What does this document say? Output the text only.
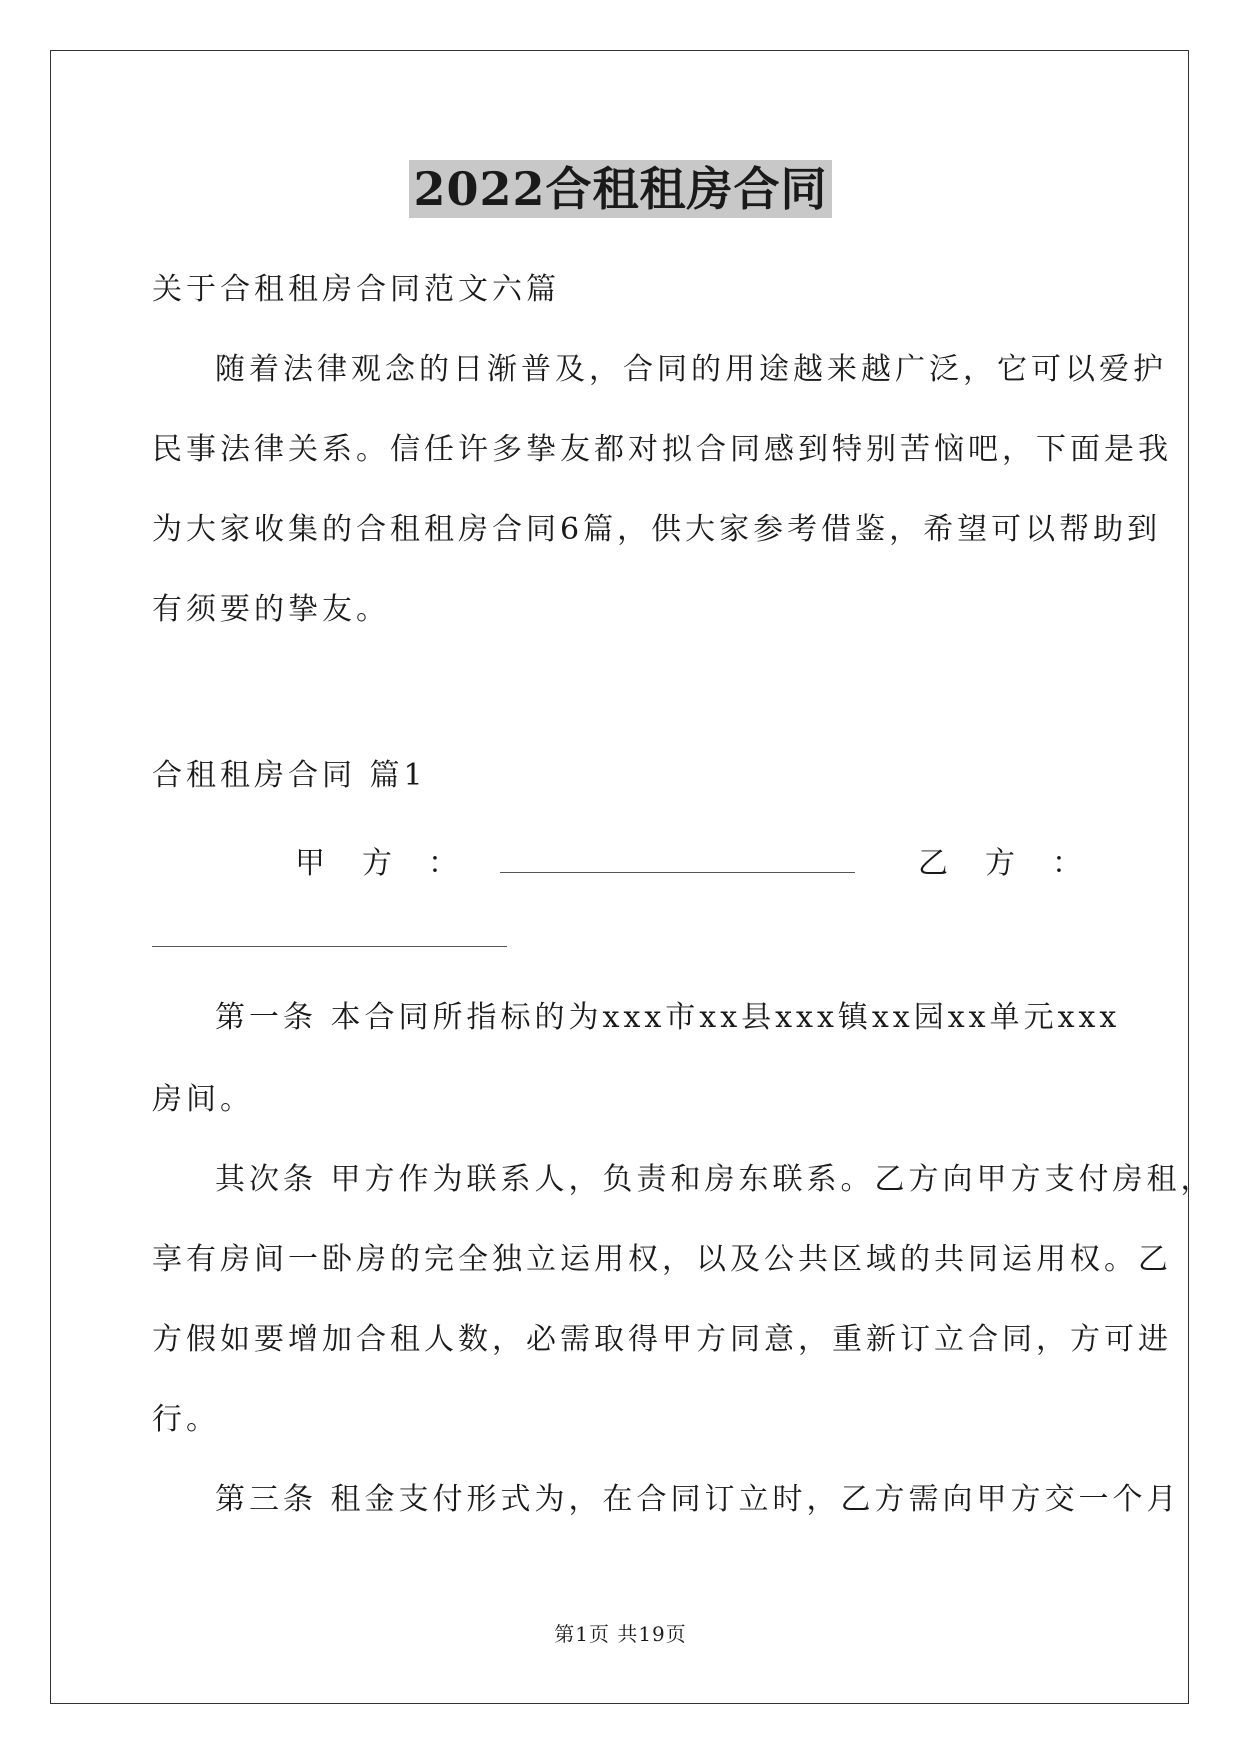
2022合租租房合同
关于合租租房合同范文六篇
随着法律观念的日渐普及，合同的用途越来越广泛，它可以爱护
民事法律关系。信任许多挚友都对拟合同感到特别苦恼吧，下面是我
为大家收集的合租租房合同6篇，供大家参考借鉴，希望可以帮助到
有须要的挚友。
合租租房合同 篇1
甲 方 ：	乙 方 ：
第一条 本合同所指标的为xxx市xx县xxx镇xx园xx单元xxx
房间。
其次条 甲方作为联系人，负责和房东联系。乙方向甲方支付房租，
享有房间一卧房的完全独立运用权，以及公共区域的共同运用权。乙
方假如要增加合租人数，必需取得甲方同意，重新订立合同，方可进
行。
第三条 租金支付形式为，在合同订立时，乙方需向甲方交一个月
第1页 共19页
